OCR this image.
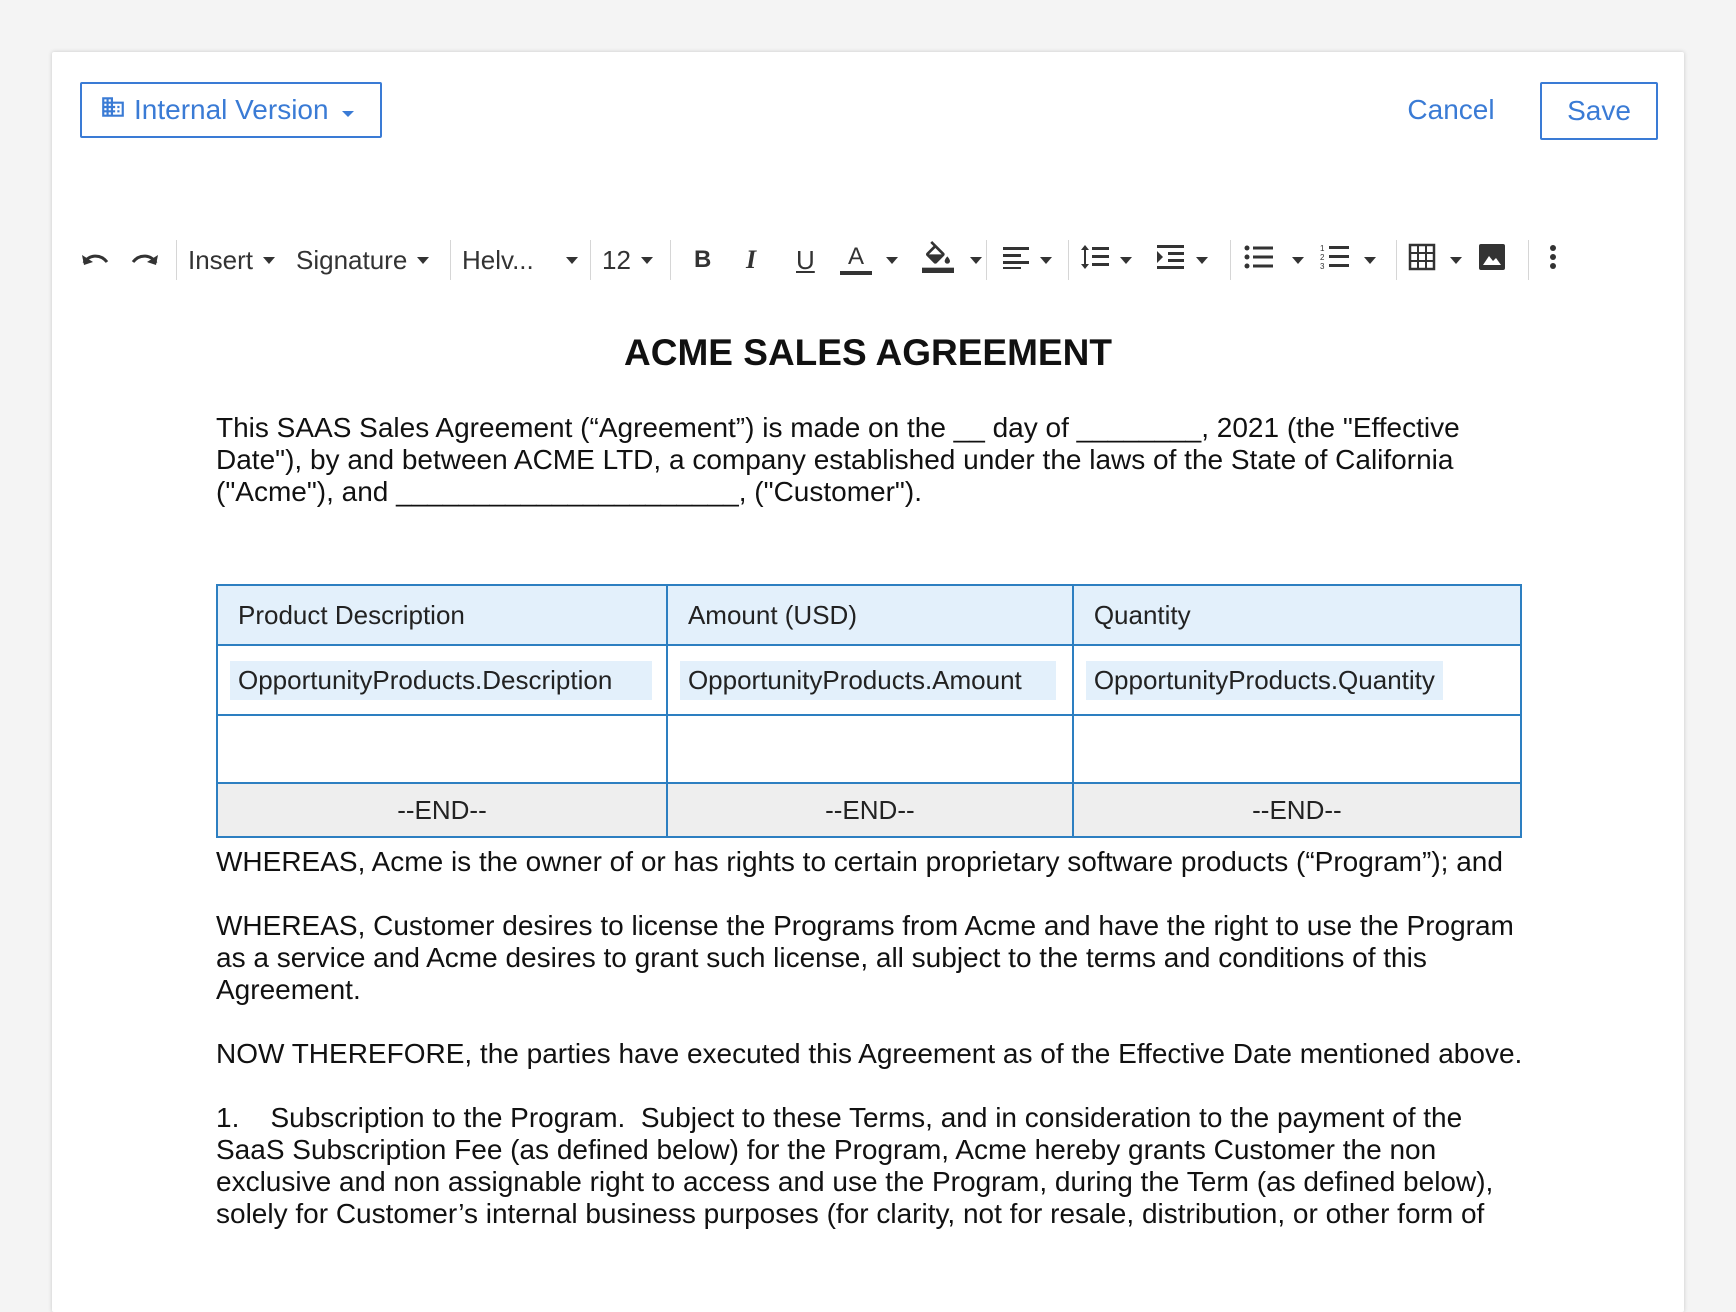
Internal Version	Cancel	Save
Insert Signature Helv...	12	B I U A	1
2
3
ACME SALES AGREEMENT
This SAAS Sales Agreement (“Agreement”) is made on the __ day of ________, 2021 (the "Effective Date"), by and between ACME LTD, a company established under the laws of the State of California ("Acme"), and ______________________, ("Customer").
Product Description	Amount (USD)	Quantity
OpportunityProducts.Description	OpportunityProducts.Amount	OpportunityProducts.Quantity

--END--	--END--	--END--
WHEREAS, Acme is the owner of or has rights to certain proprietary software products (“Program”); and
WHEREAS, Customer desires to license the Programs from Acme and have the right to use the Program as a service and Acme desires to grant such license, all subject to the terms and conditions of this Agreement.
NOW THEREFORE, the parties have executed this Agreement as of the Effective Date mentioned above.
1.    Subscription to the Program.  Subject to these Terms, and in consideration to the payment of the SaaS Subscription Fee (as defined below) for the Program, Acme hereby grants Customer the non exclusive and non assignable right to access and use the Program, during the Term (as defined below), solely for Customer’s internal business purposes (for clarity, not for resale, distribution, or other form of
